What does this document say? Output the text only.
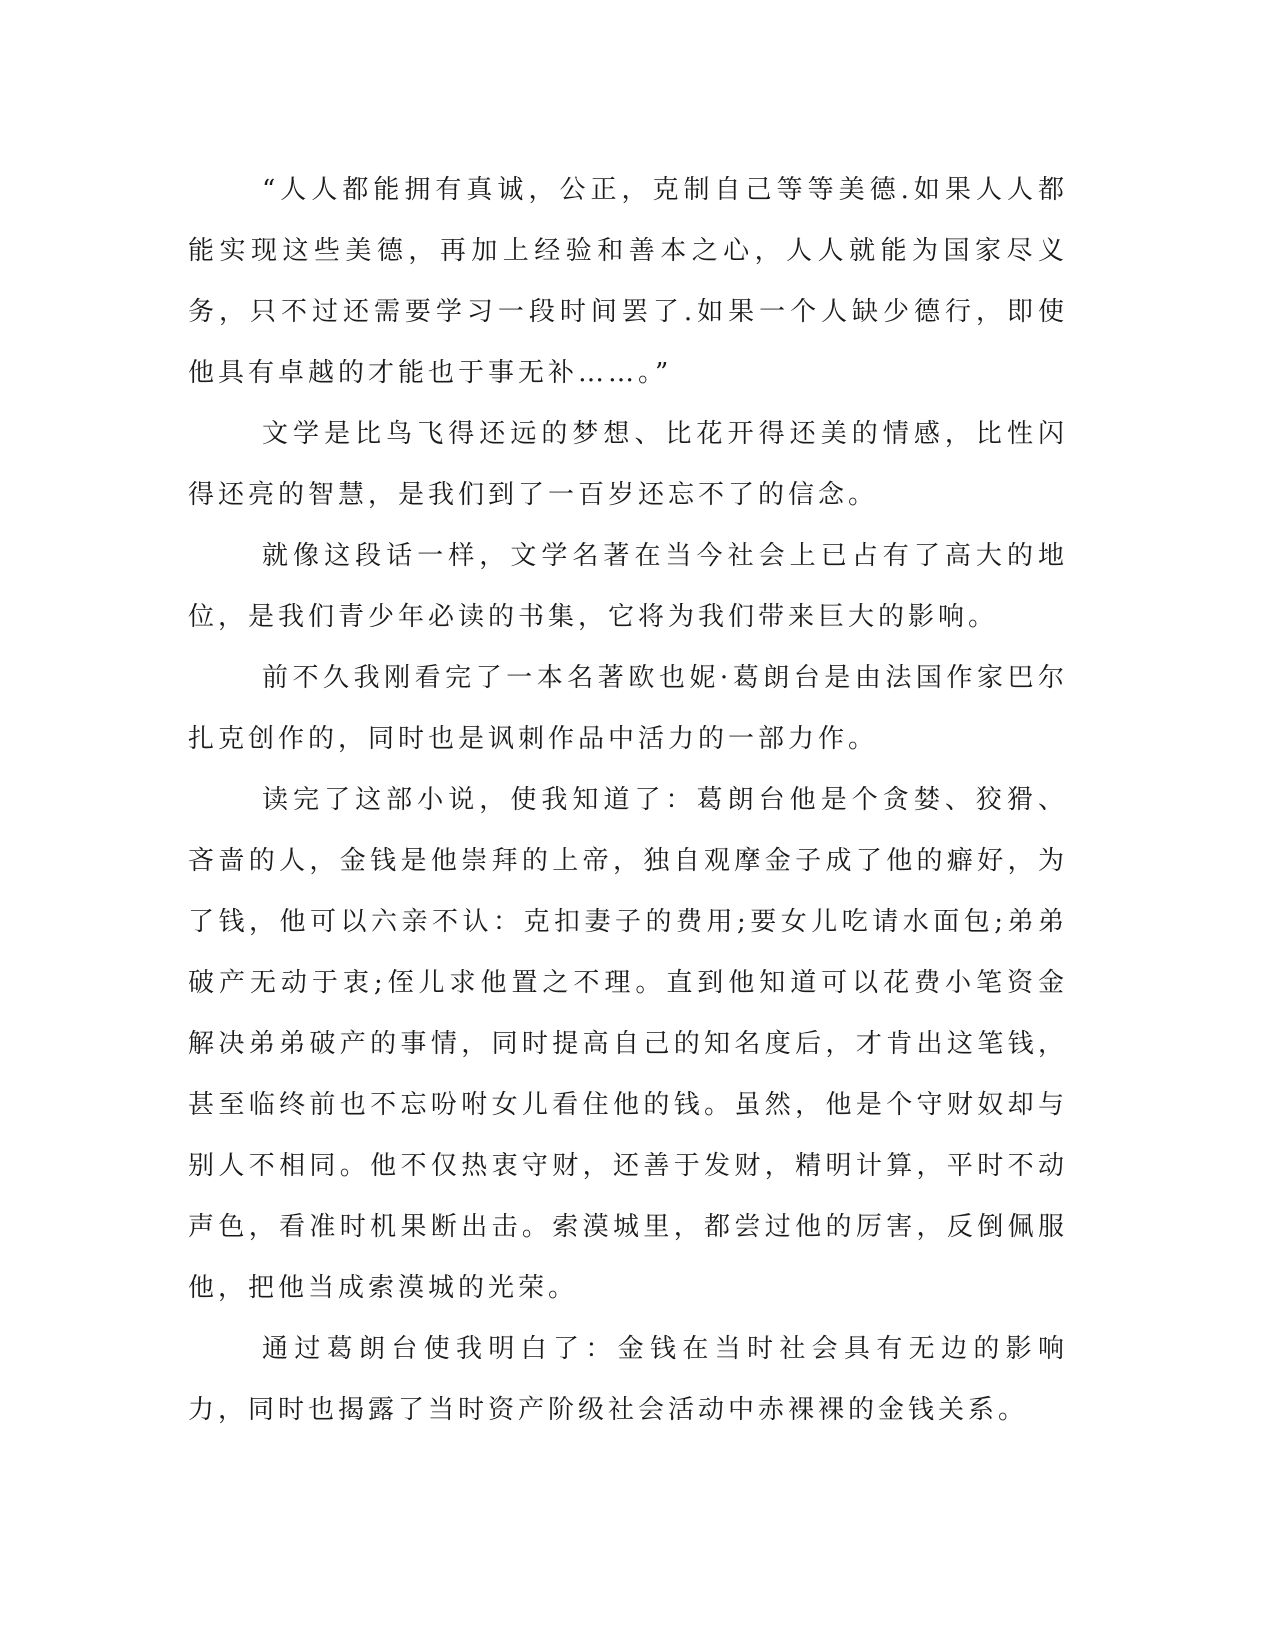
“人人都能拥有真诚，公正，克制自己等等美德.如果人人都能实现这些美德，再加上经验和善本之心，人人就能为国家尽义务，只不过还需要学习一段时间罢了.如果一个人缺少德行，即使他具有卓越的才能也于事无补……。”

文学是比鸟飞得还远的梦想、比花开得还美的情感，比性闪得还亮的智慧，是我们到了一百岁还忘不了的信念。

就像这段话一样，文学名著在当今社会上已占有了高大的地位，是我们青少年必读的书集，它将为我们带来巨大的影响。

前不久我刚看完了一本名著欧也妮·葛朗台是由法国作家巴尔扎克创作的，同时也是讽刺作品中活力的一部力作。

读完了这部小说，使我知道了：葛朗台他是个贪婪、狡猾、吝啬的人，金钱是他崇拜的上帝，独自观摩金子成了他的癖好，为了钱，他可以六亲不认：克扣妻子的费用;要女儿吃请水面包;弟弟破产无动于衷;侄儿求他置之不理。直到他知道可以花费小笔资金解决弟弟破产的事情，同时提高自己的知名度后，才肯出这笔钱，甚至临终前也不忘吩咐女儿看住他的钱。虽然，他是个守财奴却与别人不相同。他不仅热衷守财，还善于发财，精明计算，平时不动声色，看准时机果断出击。索漠城里，都尝过他的厉害，反倒佩服他，把他当成索漠城的光荣。

通过葛朗台使我明白了：金钱在当时社会具有无边的影响力，同时也揭露了当时资产阶级社会活动中赤裸裸的金钱关系。
